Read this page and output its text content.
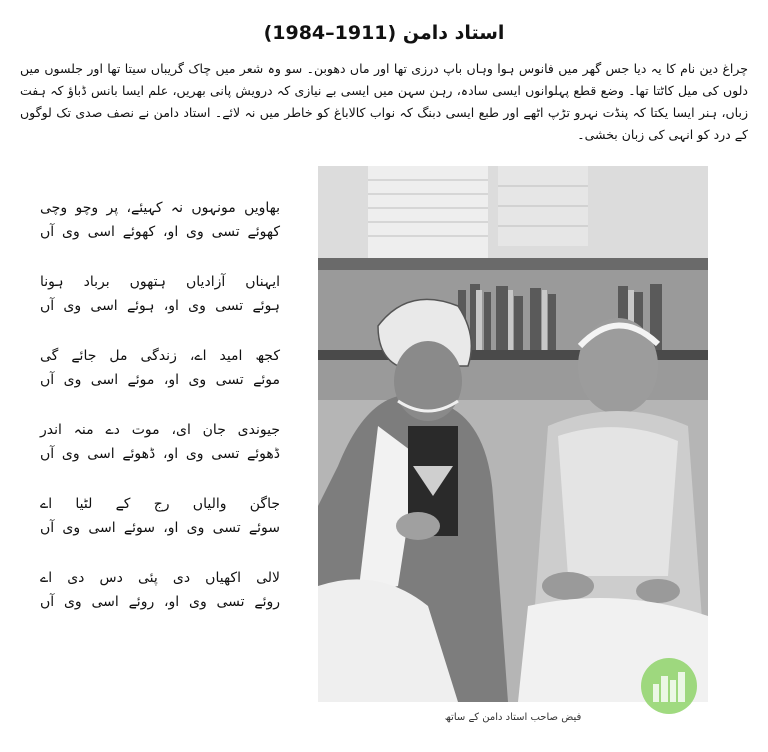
استاد دامن (1911–1984)
چراغ دین نام کا یہ دیا جس گھر میں فانوس ہوا وہاں باپ درزی تھا اور ماں دھوبن۔ سو وہ شعر میں چاک گریباں سیتا تھا اور جلسوں میں دلوں کی میل کاٹتا تھا۔ وضع قطع پہلوانوں ایسی سادہ، رہن سہن میں ایسی بے نیازی کہ درویش پانی بھریں، علم ایسا بانس ڈباؤ کہ ہفت زباں، ہنر ایسا یکتا کہ پنڈت نہرو تڑپ اٹھے اور طبع ایسی دبنگ کہ نواب کالاباغ کو خاطر میں نہ لائے۔ استاد دامن نے نصف صدی تک لوگوں کے درد کو انہی کی زبان بخشی۔
بھاویں مونہوں نہ کہیئے، پر وچو وچی
کھوئے تسی وی او، کھوئے اسی وی آں
ایہناں آزادیاں ہتھوں برباد ہونا
ہوئے تسی وی او، ہوئے اسی وی آں
کجھ امید اے، زندگی مل جائے گی
موئے تسی وی او، موئے اسی وی آں
جیوندی جان ای، موت دے منہ اندر
ڈھوئے تسی وی او، ڈھوئے اسی وی آں
جاگن والیاں رج کے لٹیا اے
سوئے تسی وی او، سوئے اسی وی آں
لالی اکھیاں دی پئی دس دی اے
روئے تسی وی او، روئے اسی وی آں
فیض صاحب استاد دامن کے ساتھ
